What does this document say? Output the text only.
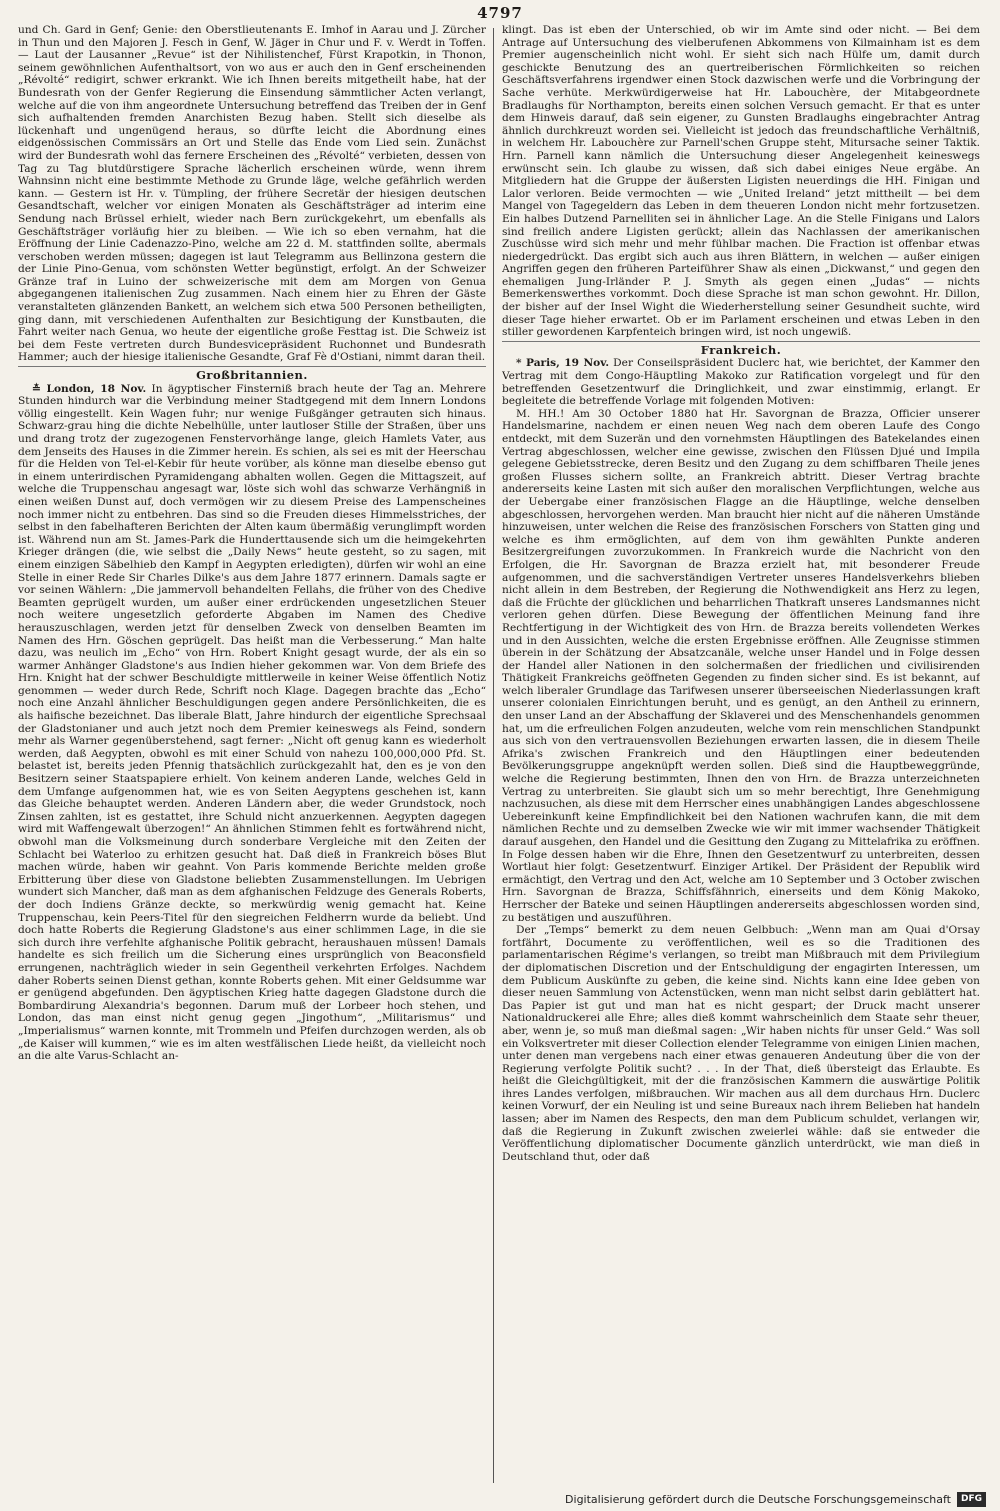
4797

und Ch. Gard in Genf; Genie: den Oberstlieutenants E. Imhof in Aarau und J. Zürcher in Thun und den Majoren J. Fesch in Genf, W. Jäger in Chur und F. v. Werdt in Toffen. — Laut der Lausanner „Revue“ ist der Nihilistenchef, Fürst Krapotkin, in Thonon, seinem gewöhnlichen Aufenthaltsort, von wo aus er auch den in Genf erscheinenden „Révolté“ redigirt, schwer erkrankt. Wie ich Ihnen bereits mitgetheilt habe, hat der Bundesrath von der Genfer Regierung die Einsendung sämmtlicher Acten verlangt, welche auf die von ihm angeordnete Untersuchung betreffend das Treiben der in Genf sich aufhaltenden fremden Anarchisten Bezug haben. Stellt sich dieselbe als lückenhaft und ungenügend heraus, so dürfte leicht die Abordnung eines eidgenössischen Commissärs an Ort und Stelle das Ende vom Lied sein. Zunächst wird der Bundesrath wohl das fernere Erscheinen des „Révolté“ verbieten, dessen von Tag zu Tag blutdürstigere Sprache lächerlich erscheinen würde, wenn ihrem Wahnsinn nicht eine bestimmte Methode zu Grunde läge, welche gefährlich werden kann. — Gestern ist Hr. v. Tümpling, der frühere Secretär der hiesigen deutschen Gesandtschaft, welcher vor einigen Monaten als Geschäftsträger ad interim eine Sendung nach Brüssel erhielt, wieder nach Bern zurückgekehrt, um ebenfalls als Geschäftsträger vorläufig hier zu bleiben. — Wie ich so eben vernahm, hat die Eröffnung der Linie Cadenazzo-Pino, welche am 22 d. M. stattfinden sollte, abermals verschoben werden müssen; dagegen ist laut Telegramm aus Bellinzona gestern die der Linie Pino-Genua, vom schönsten Wetter begünstigt, erfolgt. An der Schweizer Gränze traf in Luino der schweizerische mit dem am Morgen von Genua abgegangenen italienischen Zug zusammen. Nach einem hier zu Ehren der Gäste veranstalteten glänzenden Bankett, an welchem sich etwa 500 Personen betheiligten, ging dann, mit verschiedenen Aufenthalten zur Besichtigung der Kunstbauten, die Fahrt weiter nach Genua, wo heute der eigentliche große Festtag ist. Die Schweiz ist bei dem Feste vertreten durch Bundesvicepräsident Ruchonnet und Bundesrath Hammer; auch der hiesige italienische Gesandte, Graf Fè d'Ostiani, nimmt daran theil.

Großbritannien.

≛ London, 18 Nov. In ägyptischer Finsterniß brach heute der Tag an. Mehrere Stunden hindurch war die Verbindung meiner Stadtgegend mit dem Innern Londons völlig eingestellt. Kein Wagen fuhr; nur wenige Fußgänger getrauten sich hinaus. Schwarz-grau hing die dichte Nebelhülle, unter lautloser Stille der Straßen, über uns und drang trotz der zugezogenen Fenstervorhänge lange, gleich Hamlets Vater, aus dem Jenseits des Hauses in die Zimmer herein. Es schien, als sei es mit der Heerschau für die Helden von Tel-el-Kebir für heute vorüber, als könne man dieselbe ebenso gut in einem unterirdischen Pyramidengang abhalten wollen. Gegen die Mittagszeit, auf welche die Truppenschau angesagt war, löste sich wohl das schwarze Verhängniß in einen weißen Dunst auf, doch vermögen wir zu diesem Preise des Lampenscheines noch immer nicht zu entbehren. Das sind so die Freuden dieses Himmelsstriches, der selbst in den fabelhafteren Berichten der Alten kaum übermäßig verunglimpft worden ist. Während nun am St. James-Park die Hunderttausende sich um die heimgekehrten Krieger drängen (die, wie selbst die „Daily News“ heute gesteht, so zu sagen, mit einem einzigen Säbelhieb den Kampf in Aegypten erledigten), dürfen wir wohl an eine Stelle in einer Rede Sir Charles Dilke's aus dem Jahre 1877 erinnern. Damals sagte er vor seinen Wählern: „Die jammervoll behandelten Fellahs, die früher von des Chedive Beamten geprügelt wurden, um außer einer erdrückenden ungesetzlichen Steuer noch weitere ungesetzlich geforderte Abgaben im Namen des Chedive herauszuschlagen, werden jetzt für denselben Zweck von denselben Beamten im Namen des Hrn. Göschen geprügelt. Das heißt man die Verbesserung.“ Man halte dazu, was neulich im „Echo“ von Hrn. Robert Knight gesagt wurde, der als ein so warmer Anhänger Gladstone's aus Indien hieher gekommen war. Von dem Briefe des Hrn. Knight hat der schwer Beschuldigte mittlerweile in keiner Weise öffentlich Notiz genommen — weder durch Rede, Schrift noch Klage. Dagegen brachte das „Echo“ noch eine Anzahl ähnlicher Beschuldigungen gegen andere Persönlichkeiten, die es als haifische bezeichnet. Das liberale Blatt, Jahre hindurch der eigentliche Sprechsaal der Gladstonianer und auch jetzt noch dem Premier keineswegs als Feind, sondern mehr als Warner gegenüberstehend, sagt ferner: „Nicht oft genug kann es wiederholt werden, daß Aegypten, obwohl es mit einer Schuld von nahezu 100,000,000 Pfd. St. belastet ist, bereits jeden Pfennig thatsächlich zurückgezahlt hat, den es je von den Besitzern seiner Staatspapiere erhielt. Von keinem anderen Lande, welches Geld in dem Umfange aufgenommen hat, wie es von Seiten Aegyptens geschehen ist, kann das Gleiche behauptet werden. Anderen Ländern aber, die weder Grundstock, noch Zinsen zahlten, ist es gestattet, ihre Schuld nicht anzuerkennen. Aegypten dagegen wird mit Waffengewalt überzogen!“ An ähnlichen Stimmen fehlt es fortwährend nicht, obwohl man die Volksmeinung durch sonderbare Vergleiche mit den Zeiten der Schlacht bei Waterloo zu erhitzen gesucht hat. Daß dieß in Frankreich böses Blut machen würde, haben wir geahnt. Von Paris kommende Berichte melden große Erbitterung über diese von Gladstone beliebten Zusammenstellungen. Im Uebrigen wundert sich Mancher, daß man as dem afghanischen Feldzuge des Generals Roberts, der doch Indiens Gränze deckte, so merkwürdig wenig gemacht hat. Keine Truppenschau, kein Peers-Titel für den siegreichen Feldherrn wurde da beliebt. Und doch hatte Roberts die Regierung Gladstone's aus einer schlimmen Lage, in die sie sich durch ihre verfehlte afghanische Politik gebracht, heraushauen müssen! Damals handelte es sich freilich um die Sicherung eines ursprünglich von Beaconsfield errungenen, nachträglich wieder in sein Gegentheil verkehrten Erfolges. Nachdem daher Roberts seinen Dienst gethan, konnte Roberts gehen. Mit einer Geldsumme war er genügend abgefunden. Den ägyptischen Krieg hatte dagegen Gladstone durch die Bombardirung Alexandria's begonnen. Darum muß der Lorbeer hoch stehen, und London, das man einst nicht genug gegen „Jingothum“, „Militarismus“ und „Imperialismus“ warnen konnte, mit Trommeln und Pfeifen durchzogen werden, als ob „de Kaiser will kummen,“ wie es im alten westfälischen Liede heißt, da vielleicht noch an die alte Varus-Schlacht an-

klingt. Das ist eben der Unterschied, ob wir im Amte sind oder nicht. — Bei dem Antrage auf Untersuchung des vielberufenen Abkommens von Kilmainham ist es dem Premier augenscheinlich nicht wohl. Er sieht sich nach Hülfe um, damit durch geschickte Benutzung des an quertreiberischen Förmlichkeiten so reichen Geschäftsverfahrens irgendwer einen Stock dazwischen werfe und die Vorbringung der Sache verhüte. Merkwürdigerweise hat Hr. Labouchère, der Mitabgeordnete Bradlaughs für Northampton, bereits einen solchen Versuch gemacht. Er that es unter dem Hinweis darauf, daß sein eigener, zu Gunsten Bradlaughs eingebrachter Antrag ähnlich durchkreuzt worden sei. Vielleicht ist jedoch das freundschaftliche Verhältniß, in welchem Hr. Labouchère zur Parnell'schen Gruppe steht, Mitursache seiner Taktik. Hrn. Parnell kann nämlich die Untersuchung dieser Angelegenheit keineswegs erwünscht sein. Ich glaube zu wissen, daß sich dabei einiges Neue ergäbe. An Mitgliedern hat die Gruppe der äußersten Ligisten neuerdings die HH. Finigan und Lalor verloren. Beide vermochten — wie „United Ireland“ jetzt mittheilt — bei dem Mangel von Tagegeldern das Leben in dem theueren London nicht mehr fortzusetzen. Ein halbes Dutzend Parnelliten sei in ähnlicher Lage. An die Stelle Finigans und Lalors sind freilich andere Ligisten gerückt; allein das Nachlassen der amerikanischen Zuschüsse wird sich mehr und mehr fühlbar machen. Die Fraction ist offenbar etwas niedergedrückt. Das ergibt sich auch aus ihren Blättern, in welchen — außer einigen Angriffen gegen den früheren Parteiführer Shaw als einen „Dickwanst,“ und gegen den ehemaligen Jung-Irländer P. J. Smyth als gegen einen „Judas“ — nichts Bemerkenswerthes vorkommt. Doch diese Sprache ist man schon gewohnt. Hr. Dillon, der bisher auf der Insel Wight die Wiederherstellung seiner Gesundheit suchte, wird dieser Tage hieher erwartet. Ob er im Parlament erscheinen und etwas Leben in den stiller gewordenen Karpfenteich bringen wird, ist noch ungewiß.

Frankreich.

* Paris, 19 Nov. Der Conseilspräsident Duclerc hat, wie berichtet, der Kammer den Vertrag mit dem Congo-Häuptling Makoko zur Ratification vorgelegt und für den betreffenden Gesetzentwurf die Dringlichkeit, und zwar einstimmig, erlangt. Er begleitete die betreffende Vorlage mit folgenden Motiven:

M. HH.! Am 30 October 1880 hat Hr. Savorgnan de Brazza, Officier unserer Handelsmarine, nachdem er einen neuen Weg nach dem oberen Laufe des Congo entdeckt, mit dem Suzerän und den vornehmsten Häuptlingen des Batekelandes einen Vertrag abgeschlossen, welcher eine gewisse, zwischen den Flüssen Djué und Impila gelegene Gebietsstrecke, deren Besitz und den Zugang zu dem schiffbaren Theile jenes großen Flusses sichern sollte, an Frankreich abtritt. Dieser Vertrag brachte andererseits keine Lasten mit sich außer den moralischen Verpflichtungen, welche aus der Uebergabe einer französischen Flagge an die Häuptlinge, welche denselben abgeschlossen, hervorgehen werden. Man braucht hier nicht auf die näheren Umstände hinzuweisen, unter welchen die Reise des französischen Forschers von Statten ging und welche es ihm ermöglichten, auf dem von ihm gewählten Punkte anderen Besitzergreifungen zuvorzukommen. In Frankreich wurde die Nachricht von den Erfolgen, die Hr. Savorgnan de Brazza erzielt hat, mit besonderer Freude aufgenommen, und die sachverständigen Vertreter unseres Handelsverkehrs blieben nicht allein in dem Bestreben, der Regierung die Nothwendigkeit ans Herz zu legen, daß die Früchte der glücklichen und beharrlichen Thatkraft unseres Landsmannes nicht verloren gehen dürfen. Diese Bewegung der öffentlichen Meinung fand ihre Rechtfertigung in der Wichtigkeit des von Hrn. de Brazza bereits vollendeten Werkes und in den Aussichten, welche die ersten Ergebnisse eröffnen. Alle Zeugnisse stimmen überein in der Schätzung der Absatzcanäle, welche unser Handel und in Folge dessen der Handel aller Nationen in den solchermaßen der friedlichen und civilisirenden Thätigkeit Frankreichs geöffneten Gegenden zu finden sicher sind. Es ist bekannt, auf welch liberaler Grundlage das Tarifwesen unserer überseeischen Niederlassungen kraft unserer colonialen Einrichtungen beruht, und es genügt, an den Antheil zu erinnern, den unser Land an der Abschaffung der Sklaverei und des Menschenhandels genommen hat, um die erfreulichen Folgen anzudeuten, welche vom rein menschlichen Standpunkt aus sich von den vertrauensvollen Beziehungen erwarten lassen, die in diesem Theile Afrika's zwischen Frankreich und den Häuptlingen einer bedeutenden Bevölkerungsgruppe angeknüpft werden sollen. Dieß sind die Hauptbeweggründe, welche die Regierung bestimmten, Ihnen den von Hrn. de Brazza unterzeichneten Vertrag zu unterbreiten. Sie glaubt sich um so mehr berechtigt, Ihre Genehmigung nachzusuchen, als diese mit dem Herrscher eines unabhängigen Landes abgeschlossene Uebereinkunft keine Empfindlichkeit bei den Nationen wachrufen kann, die mit dem nämlichen Rechte und zu demselben Zwecke wie wir mit immer wachsender Thätigkeit darauf ausgehen, den Handel und die Gesittung den Zugang zu Mittelafrika zu eröffnen. In Folge dessen haben wir die Ehre, Ihnen den Gesetzentwurf zu unterbreiten, dessen Wortlaut hier folgt: Gesetzentwurf. Einziger Artikel. Der Präsident der Republik wird ermächtigt, den Vertrag und den Act, welche am 10 September und 3 October zwischen Hrn. Savorgnan de Brazza, Schiffsfähnrich, einerseits und dem König Makoko, Herrscher der Bateke und seinen Häuptlingen andererseits abgeschlossen worden sind, zu bestätigen und auszuführen.

Der „Temps“ bemerkt zu dem neuen Gelbbuch: „Wenn man am Quai d'Orsay fortfährt, Documente zu veröffentlichen, weil es so die Traditionen des parlamentarischen Régime's verlangen, so treibt man Mißbrauch mit dem Privilegium der diplomatischen Discretion und der Entschuldigung der engagirten Interessen, um dem Publicum Auskünfte zu geben, die keine sind. Nichts kann eine Idee geben von dieser neuen Sammlung von Actenstücken, wenn man nicht selbst darin geblättert hat. Das Papier ist gut und man hat es nicht gespart; der Druck macht unserer Nationaldruckerei alle Ehre; alles dieß kommt wahrscheinlich dem Staate sehr theuer, aber, wenn je, so muß man dießmal sagen: „Wir haben nichts für unser Geld.“ Was soll ein Volksvertreter mit dieser Collection elender Telegramme von einigen Linien machen, unter denen man vergebens nach einer etwas genaueren Andeutung über die von der Regierung verfolgte Politik sucht? . . . In der That, dieß übersteigt das Erlaubte. Es heißt die Gleichgültigkeit, mit der die französischen Kammern die auswärtige Politik ihres Landes verfolgen, mißbrauchen. Wir machen aus all dem durchaus Hrn. Duclerc keinen Vorwurf, der ein Neuling ist und seine Bureaux nach ihrem Belieben hat handeln lassen; aber im Namen des Respects, den man dem Publicum schuldet, verlangen wir, daß die Regierung in Zukunft zwischen zweierlei wähle: daß sie entweder die Veröffentlichung diplomatischer Documente gänzlich unterdrückt, wie man dieß in Deutschland thut, oder daß

Digitalisierung gefördert durch die Deutsche Forschungsgemeinschaft	DFG
